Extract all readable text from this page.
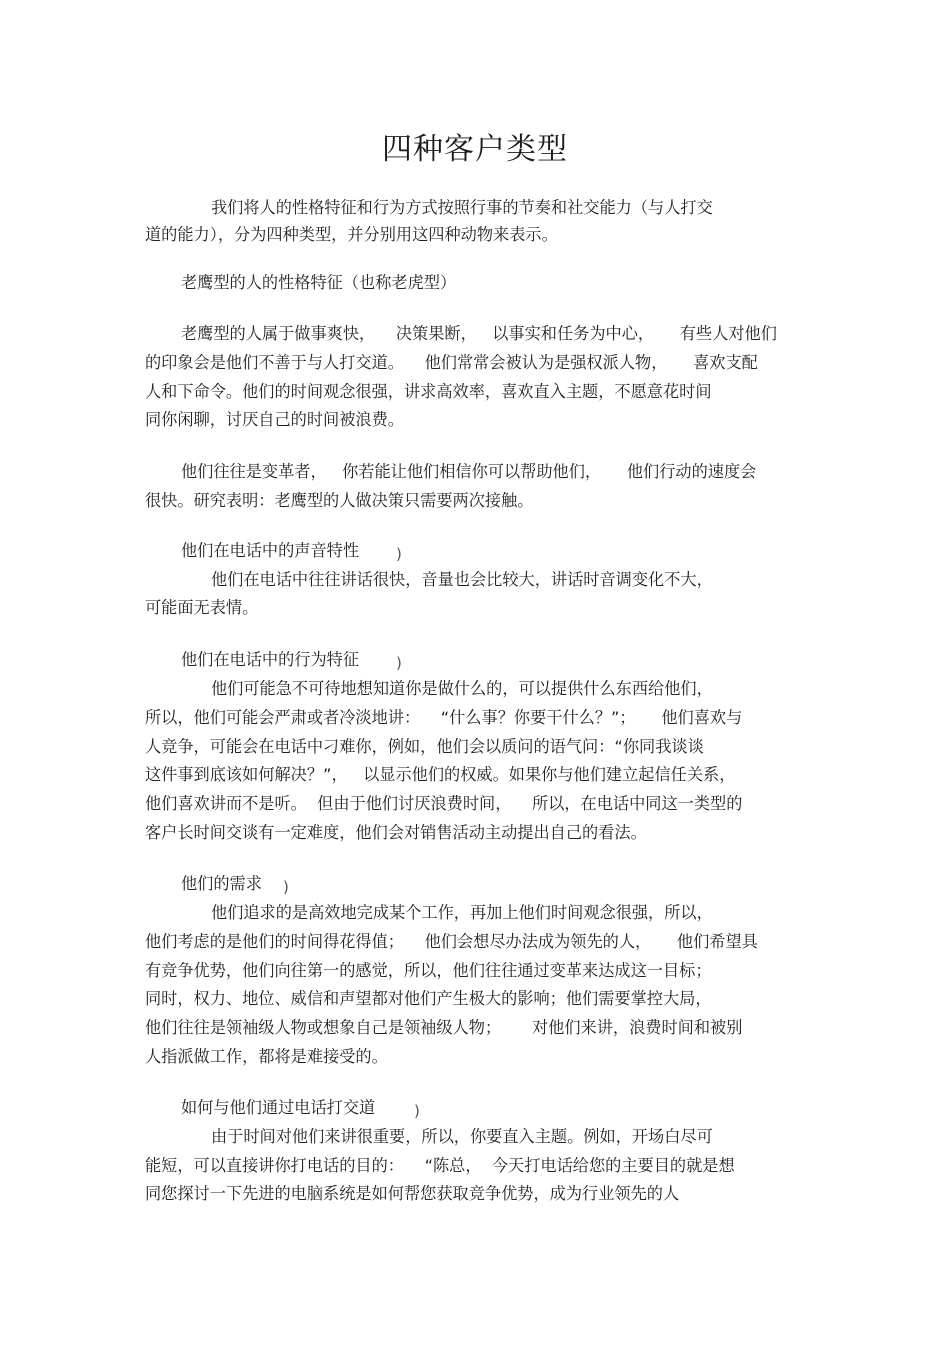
四种客户类型
我们将人的性格特征和行为方式按照行事的节奏和社交能力（与人打交
道的能力），分为四种类型，并分别用这四种动物来表示。
老鹰型的人的性格特征（也称老虎型）
老鹰型的人属于做事爽快，    决策果断，   以事实和任务为中心，     有些人对他们
的印象会是他们不善于与人打交道。    他们常常会被认为是强权派人物，     喜欢支配
人和下命令。他们的时间观念很强，讲求高效率，喜欢直入主题，不愿意花时间
同你闲聊，讨厌自己的时间被浪费。
他们往往是变革者，   你若能让他们相信你可以帮助他们，     他们行动的速度会
很快。研究表明：老鹰型的人做决策只需要两次接触。
他们在电话中的声音特性 )
他们在电话中往往讲话很快，音量也会比较大，讲话时音调变化不大，
可能面无表情。
他们在电话中的行为特征 )
他们可能急不可待地想知道你是做什么的，可以提供什么东西给他们，
所以，他们可能会严肃或者冷淡地讲：    “什么事？你要干什么？”；     他们喜欢与
人竞争，可能会在电话中刁难你，例如，他们会以质问的语气问：“你同我谈谈
这件事到底该如何解决？”，   以显示他们的权威。如果你与他们建立起信任关系，
他们喜欢讲而不是听。  但由于他们讨厌浪费时间，    所以，在电话中同这一类型的
客户长时间交谈有一定难度，他们会对销售活动主动提出自己的看法。
他们的需求 )
他们追求的是高效地完成某个工作，再加上他们时间观念很强，所以，
他们考虑的是他们的时间得花得值；    他们会想尽办法成为领先的人，     他们希望具
有竞争优势，他们向往第一的感觉，所以，他们往往通过变革来达成这一目标；
同时，权力、地位、威信和声望都对他们产生极大的影响；他们需要掌控大局，
他们往往是领袖级人物或想象自己是领袖级人物；      对他们来讲，浪费时间和被别
人指派做工作，都将是难接受的。
如何与他们通过电话打交道	)
由于时间对他们来讲很重要，所以，你要直入主题。例如，开场白尽可
能短，可以直接讲你打电话的目的：    “陈总，  今天打电话给您的主要目的就是想
同您探讨一下先进的电脑系统是如何帮您获取竞争优势，成为行业领先的人
